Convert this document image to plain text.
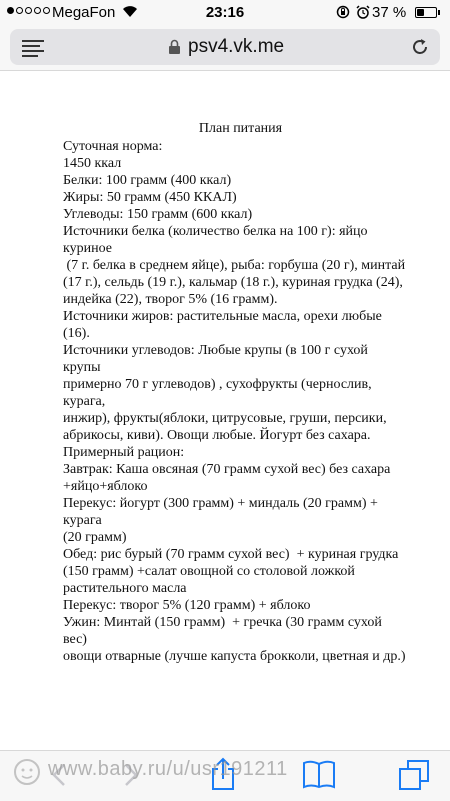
MegaFon	23:16	37 %
psv4.vk.me
План питания
Суточная норма:
1450 ккал
Белки: 100 грамм (400 ккал)
Жиры: 50 грамм (450 ККАЛ)
Углеводы: 150 грамм (600 ккал)
Источники белка (количество белка на 100 г): яйцо куриное
(7 г. белка в среднем яйце), рыба: горбуша (20 г), минтай
(17 г.), сельдь (19 г.), кальмар (18 г.), куриная грудка (24),
индейка (22), творог 5% (16 грамм).
Источники жиров: растительные масла, орехи любые (16).
Источники углеводов: Любые крупы (в 100 г сухой крупы
примерно 70 г углеводов) , сухофрукты (чернослив, курага,
инжир), фрукты(яблоки, цитрусовые, груши, персики,
абрикосы, киви). Овощи любые. Йогурт без сахара.
Примерный рацион:
Завтрак: Каша овсяная (70 грамм сухой вес) без сахара
+яйцо+яблоко
Перекус: йогурт (300 грамм) + миндаль (20 грамм) + курага
(20 грамм)
Обед: рис бурый (70 грамм сухой вес)  + куриная грудка
(150 грамм) +салат овощной со столовой ложкой
растительного масла
Перекус: творог 5% (120 грамм) + яблоко
Ужин: Минтай (150 грамм)  + гречка (30 грамм сухой вес)
овощи отварные (лучше капуста брокколи, цветная и др.)
www.baby.ru/u/usr191211
